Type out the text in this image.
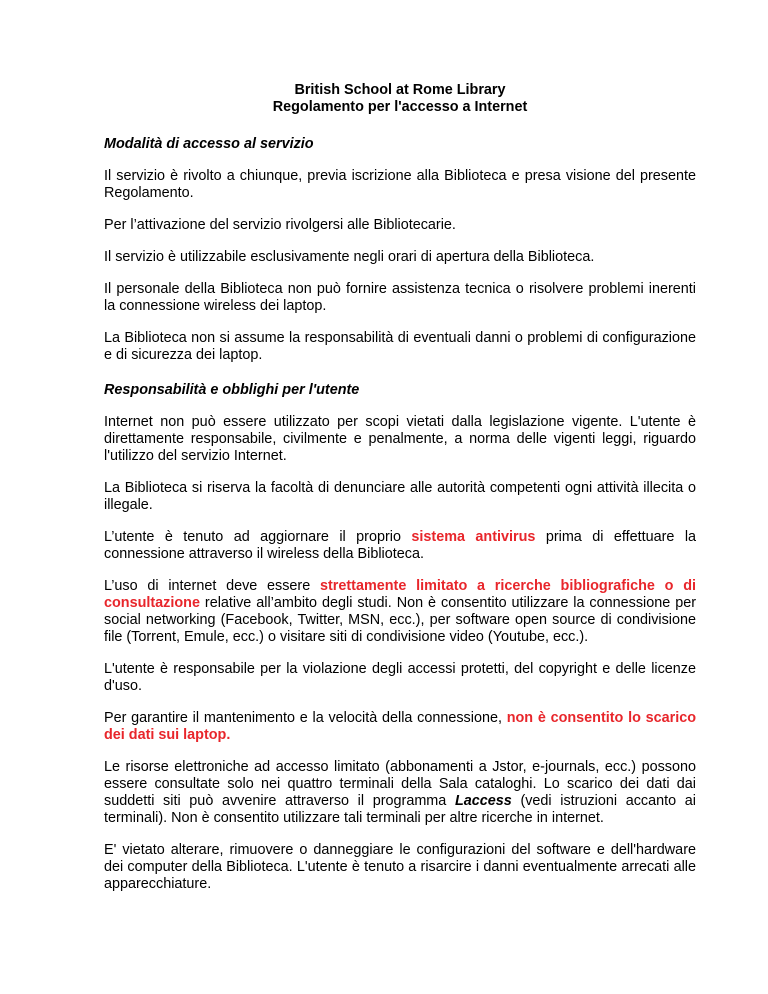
British School at Rome Library
Regolamento per l'accesso a Internet
Modalità di accesso al servizio

Il servizio è rivolto a chiunque, previa iscrizione alla Biblioteca e presa visione del presente Regolamento.

Per l’attivazione del servizio rivolgersi alle Bibliotecarie.

Il servizio è utilizzabile esclusivamente negli orari di apertura della Biblioteca.

Il personale della Biblioteca non può fornire assistenza tecnica o risolvere problemi inerenti la connessione wireless dei laptop.

La Biblioteca non si assume la responsabilità di eventuali danni o problemi di configurazione e di sicurezza dei laptop.

Responsabilità e obblighi per l'utente

Internet non può essere utilizzato per scopi vietati dalla legislazione vigente. L'utente è direttamente responsabile, civilmente e penalmente, a norma delle vigenti leggi, riguardo l'utilizzo del servizio Internet.

La Biblioteca si riserva la facoltà di denunciare alle autorità competenti ogni attività illecita o illegale.

L’utente è tenuto ad aggiornare il proprio sistema antivirus prima di effettuare la connessione attraverso il wireless della Biblioteca.

L’uso di internet deve essere strettamente limitato a ricerche bibliografiche o di consultazione relative all’ambito degli studi. Non è consentito utilizzare la connessione per social networking (Facebook, Twitter, MSN, ecc.), per software open source di condivisione file (Torrent, Emule, ecc.) o visitare siti di condivisione video (Youtube, ecc.).

L'utente è responsabile per la violazione degli accessi protetti, del copyright e delle licenze d'uso.

Per garantire il mantenimento e la velocità della connessione, non è consentito lo scarico dei dati sui laptop.

Le risorse elettroniche ad accesso limitato (abbonamenti a Jstor, e-journals, ecc.) possono essere consultate solo nei quattro terminali della Sala cataloghi. Lo scarico dei dati dai suddetti siti può avvenire attraverso il programma Laccess (vedi istruzioni accanto ai terminali). Non è consentito utilizzare tali terminali per altre ricerche in internet.

E' vietato alterare, rimuovere o danneggiare le configurazioni del software e dell'hardware dei computer della Biblioteca. L'utente è tenuto a risarcire i danni eventualmente arrecati alle apparecchiature.
